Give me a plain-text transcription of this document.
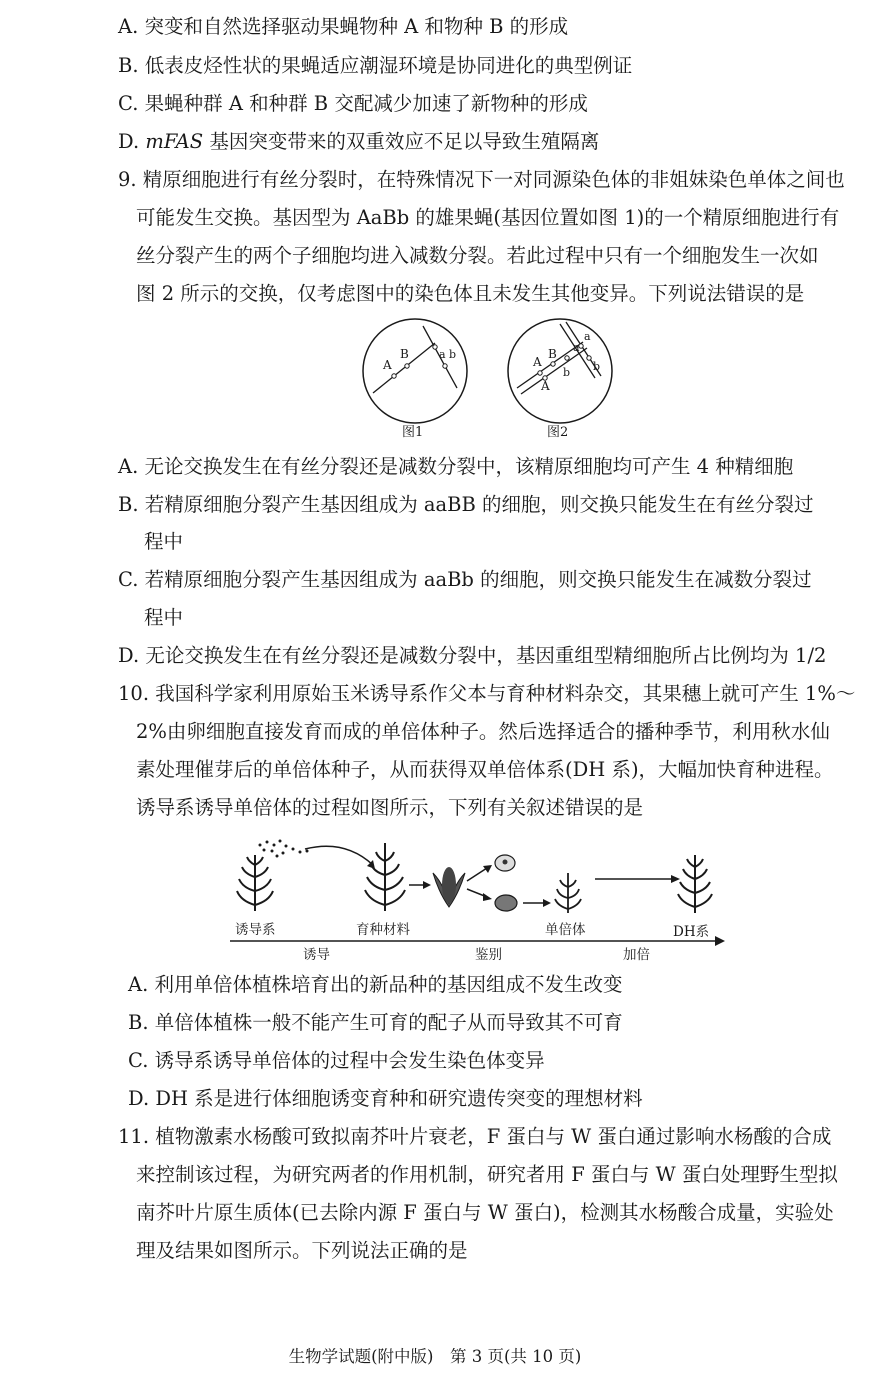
A. 突变和自然选择驱动果蝇物种 A 和物种 B 的形成
B. 低表皮烃性状的果蝇适应潮湿环境是协同进化的典型例证
C. 果蝇种群 A 和种群 B 交配减少加速了新物种的形成
D. mFAS 基因突变带来的双重效应不足以导致生殖隔离
9. 精原细胞进行有丝分裂时，在特殊情况下一对同源染色体的非姐妹染色单体之间也
可能发生交换。基因型为 AaBb 的雄果蝇(基因位置如图 1)的一个精原细胞进行有
丝分裂产生的两个子细胞均进入减数分裂。若此过程中只有一个细胞发生一次如
图 2 所示的交换，仅考虑图中的染色体且未发生其他变异。下列说法错误的是
A
B	a b
图1
A
A
B a
a
b b
图2
A. 无论交换发生在有丝分裂还是减数分裂中，该精原细胞均可产生 4 种精细胞
B. 若精原细胞分裂产生基因组成为 aaBB 的细胞，则交换只能发生在有丝分裂过
程中
C. 若精原细胞分裂产生基因组成为 aaBb 的细胞，则交换只能发生在减数分裂过
程中
D. 无论交换发生在有丝分裂还是减数分裂中，基因重组型精细胞所占比例均为 1/2
10. 我国科学家利用原始玉米诱导系作父本与育种材料杂交，其果穗上就可产生 1%～
2%由卵细胞直接发育而成的单倍体种子。然后选择适合的播种季节，利用秋水仙
素处理催芽后的单倍体种子，从而获得双单倍体系(DH 系)，大幅加快育种进程。
诱导系诱导单倍体的过程如图所示，下列有关叙述错误的是
诱导系	育种材料	单倍体	DH系
诱导	鉴别	加倍
A. 利用单倍体植株培育出的新品种的基因组成不发生改变
B. 单倍体植株一般不能产生可育的配子从而导致其不可育
C. 诱导系诱导单倍体的过程中会发生染色体变异
D. DH 系是进行体细胞诱变育种和研究遗传突变的理想材料
11. 植物激素水杨酸可致拟南芥叶片衰老，F 蛋白与 W 蛋白通过影响水杨酸的合成
来控制该过程，为研究两者的作用机制，研究者用 F 蛋白与 W 蛋白处理野生型拟
南芥叶片原生质体(已去除内源 F 蛋白与 W 蛋白)，检测其水杨酸合成量，实验处
理及结果如图所示。下列说法正确的是
生物学试题(附中版)　第 3 页(共 10 页)
